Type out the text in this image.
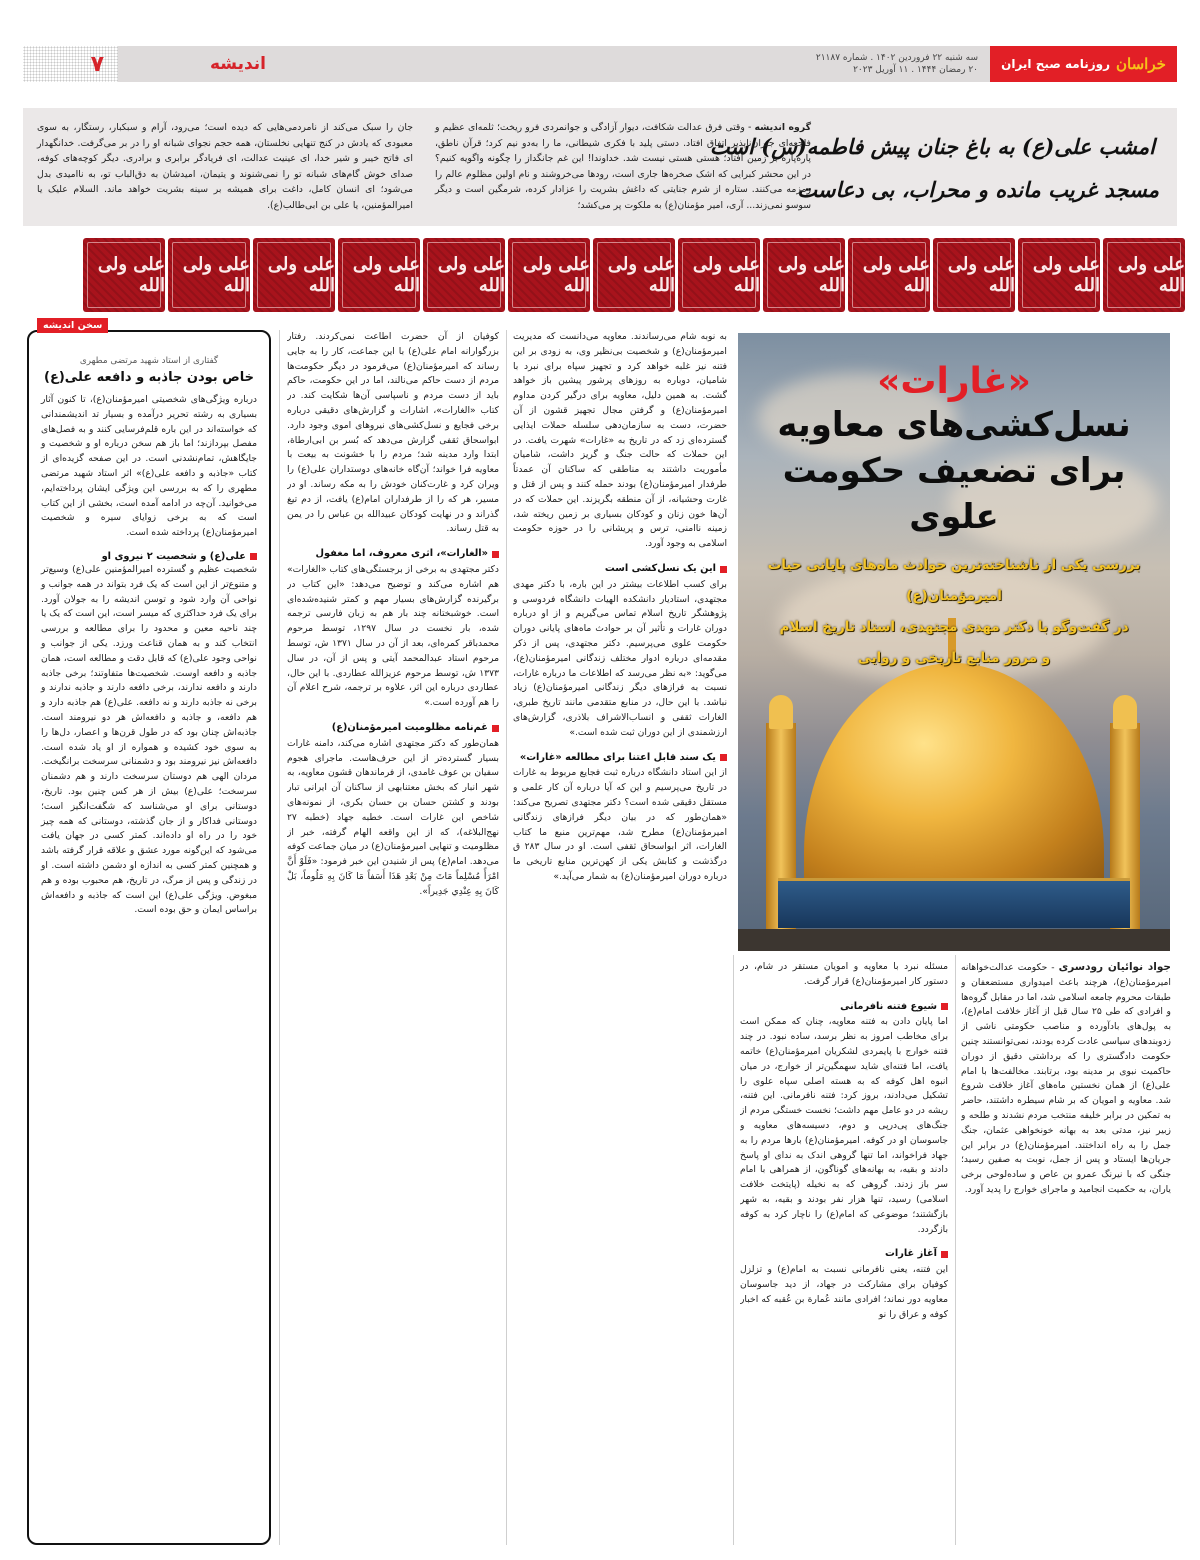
خراسان
روزنامه صبح ایران
سه شنبه ۲۲ فروردین ۱۴۰۲ . شماره ۲۱۱۸۷
۲۰ رمضان ۱۴۴۴ . ۱۱ آوریل ۲۰۲۳
اندیشه
۷
امشب علی(ع) به باغ جنان پیش فاطمه(س) است
مسجد غریب مانده و محراب، بی دعاست
گروه اندیشه - وقتی فرق عدالت شکافت، دیوار آزادگی و جوانمردی فرو ریخت؛ ثلمه‌ای عظیم و فاجعه‌ای جبران‌ناپذیر اتفاق افتاد. دستی پلید با فکری شیطانی، ما را به‌دو نیم کرد؛ قرآن ناطق، پاره‌پاره بر زمین افتاد؛ هستی هستی نیست شد. خداوندا! این غم جانگداز را چگونه واگویه کنیم؟ در این محشر کبرایی که اشک صخره‌ها جاری است، رودها می‌خروشند و نام اولین مظلوم عالم را زمزمه می‌کنند. ستاره از شرم جنایتی که داغش بشریت را عزادار کرده، شرمگین است و دیگر سوسو نمی‌زند... آری، امیر مؤمنان(ع) به ملکوت پر می‌کشد؛
جان را سبک می‌کند از نامردمی‌هایی که دیده است؛ می‌رود، آرام و سبکبار، رستگار، به سوی معبودی که یادش در کنج تنهایی نخلستان، همه حجم نجوای شبانه او را در بر می‌گرفت. خدانگهدار ای فاتح خیبر و شیر خدا، ای عینیت عدالت، ای فریادگر برابری و برادری. دیگر کوچه‌های کوفه، صدای خوش گام‌های شبانه تو را نمی‌شنوند و یتیمان، امیدشان به دق‌الباب تو، به ناامیدی بدل می‌شود؛ ای انسان کامل، داغت برای همیشه بر سینه بشریت خواهد ماند. السلام علیک یا امیرالمؤمنین، یا علی بن ابی‌طالب(ع).
علی ولی الله
علی ولی الله
علی ولی الله
علی ولی الله
علی ولی الله
علی ولی الله
علی ولی الله
علی ولی الله
علی ولی الله
علی ولی الله
علی ولی الله
علی ولی الله
علی ولی الله
«غارات»
نسل‌کشی‌های معاویه
برای تضعیف حکومت علوی
بررسی یکی از ناشناخته‌ترین حوادث ماه‌های پایانی حیات امیرمؤمنان(ع)
در گفت‌وگو با دکتر مهدی مجتهدی، استاد تاریخ اسلام
و مرور منابع تاریخی و روایی
سخن اندیشه
گفتاری از استاد شهید مرتضی مطهری
خاص بودن جاذبه و دافعه علی(ع)

درباره ویژگی‌های شخصیتی امیرمؤمنان(ع)، تا کنون آثار بسیاری به رشته تحریر درآمده و بسیار تد اندیشمندانی که خواسته‌اند در این باره قلم‌فرسایی کنند و به فصل‌های مفصل بپردازند؛ اما باز هم سخن درباره او و شخصیت و جایگاهش، تمام‌نشدنی است. در این صفحه گزیده‌ای از کتاب «جاذبه و دافعه علی(ع)» اثر استاد شهید مرتضی مطهری را که به بررسی این ویژگی ایشان پرداخته‌ایم، می‌خوانید. آن‌چه در ادامه آمده است، بخشی از این کتاب است که به برخی زوایای سیره و شخصیت امیرمؤمنان(ع) پرداخته شده است.

علی(ع) و شخصیت ۲ نیروی او

شخصیت عظیم و گسترده امیرالمؤمنین علی(ع) وسیع‌تر و متنوع‌تر از این است که یک فرد بتواند در همه جوانب و نواحی آن وارد شود و توسن اندیشه را به جولان آورد. برای یک فرد حداکثری که میسر است، این است که یک یا چند ناحیه معین و محدود را برای مطالعه و بررسی انتخاب کند و به همان قناعت ورزد. یکی از جوانب و نواحی وجود علی(ع) که قابل دقت و مطالعه است، همان جاذبه و دافعه اوست. شخصیت‌ها متفاوتند؛ برخی جاذبه دارند و دافعه ندارند، برخی دافعه دارند و جاذبه ندارند و برخی نه جاذبه دارند و نه دافعه. علی(ع) هم جاذبه دارد و هم دافعه، و جاذبه و دافعه‌اش هر دو نیرومند است. جاذبه‌اش چنان بود که در طول قرن‌ها و اعصار، دل‌ها را به سوی خود کشیده و همواره از او یاد شده است. دافعه‌اش نیز نیرومند بود و دشمنانی سرسخت برانگیخت. مردان الهی هم دوستان سرسخت دارند و هم دشمنان سرسخت؛ علی(ع) بیش از هر کس چنین بود. تاریخ، دوستانی برای او می‌شناسد که شگفت‌انگیز است؛ دوستانی فداکار و از جان گذشته، دوستانی که همه چیز خود را در راه او داده‌اند. کمتر کسی در جهان یافت می‌شود که این‌گونه مورد عشق و علاقه قرار گرفته باشد و همچنین کمتر کسی به اندازه او دشمن داشته است. او در زندگی و پس از مرگ، در تاریخ، هم محبوب بوده و هم مبغوض. ویژگی علی(ع) این است که جاذبه و دافعه‌اش براساس ایمان و حق بوده است.

کوفیان از آن حضرت اطاعت نمی‌کردند. رفتار بزرگوارانه امام علی(ع) با این جماعت، کار را به جایی رساند که امیرمؤمنان(ع) می‌فرمود در دیگر حکومت‌ها مردم از دست حاکم می‌نالند، اما در این حکومت، حاکم باید از دست مردم و ناسپاسی آن‌ها شکایت کند. در کتاب «الغارات»، اشارات و گزارش‌های دقیقی درباره برخی فجایع و نسل‌کشی‌های نیروهای اموی وجود دارد. ابواسحاق ثقفی گزارش می‌دهد که بُسر بن ابی‌ارطاة، ابتدا وارد مدینه شد؛ مردم را با خشونت به بیعت با معاویه فرا خواند؛ آن‌گاه خانه‌های دوستداران علی(ع) را ویران کرد و غارت‌کنان خودش را به مکه رساند. او در مسیر، هر که را از طرفداران امام(ع) یافت، از دم تیغ گذراند و در نهایت کودکان عبیدالله بن عباس را در یمن به قتل رساند.

«الغارات»، اثری معروف، اما مغفول

دکتر مجتهدی به برخی از برجستگی‌های کتاب «الغارات» هم اشاره می‌کند و توضیح می‌دهد: «این کتاب در برگیرنده گزارش‌های بسیار مهم و کمتر شنیده‌شده‌ای است. خوشبختانه چند بار هم به زبان فارسی ترجمه شده، بار نخست در سال ۱۲۹۷، توسط مرحوم محمدباقر کمره‌ای، بعد از آن در سال ۱۳۷۱ ش، توسط مرحوم استاد عبدالمحمد آیتی و پس از آن، در سال ۱۳۷۳ ش، توسط مرحوم عزیزالله عطاردی. با این حال، عطاردی درباره این اثر، علاوه بر ترجمه، شرح اعلام آن را هم آورده است.»

غم‌نامه مظلومیت امیرمؤمنان(ع)

همان‌طور که دکتر مجتهدی اشاره می‌کند، دامنه غارات بسیار گسترده‌تر از این حرف‌هاست. ماجرای هجوم سفیان بن عوف غامدی، از فرماندهان قشون معاویه، به شهر انبار که بخش معتنابهی از ساکنان آن ایرانی تبار بودند و کشتن حسان بن حسان بکری، از نمونه‌های شاخص این غارات است. خطبه جهاد (خطبه ۲۷ نهج‌البلاغه)، که از این واقعه الهام گرفته، خبر از مظلومیت و تنهایی امیرمؤمنان(ع) در میان جماعت کوفه می‌دهد. امام(ع) پس از شنیدن این خبر فرمود: «فَلَوْ أَنَّ امْرَأً مُسْلِماً مَاتَ مِنْ بَعْدِ هَذَا أَسَفاً مَا كَانَ بِهِ مَلُوماً، بَلْ كَانَ بِهِ عِنْدِي جَدِيراً».

به نوبه شام می‌رساندند. معاویه می‌دانست که مدیریت امیرمؤمنان(ع) و شخصیت بی‌نظیر وی، به زودی بر این فتنه نیز غلبه خواهد کرد و تجهیز سپاه برای نبرد با شامیان، دوباره به روزهای پرشور پیشین باز خواهد گشت. به همین دلیل، معاویه برای درگیر کردن مداوم امیرمؤمنان(ع) و گرفتن مجال تجهیز قشون از آن حضرت، دست به سازمان‌دهی سلسله حملات ایذایی گسترده‌ای زد که در تاریخ به «غارات» شهرت یافت. در این حملات که حالت جنگ و گریز داشت، شامیان مأموریت داشتند به مناطقی که ساکنان آن عمدتاً طرفدار امیرمؤمنان(ع) بودند حمله کنند و پس از قتل و غارت وحشیانه، از آن منطقه بگریزند. این حملات که در آن‌ها خون زنان و کودکان بسیاری بر زمین ریخته شد، زمینه ناامنی، ترس و پریشانی را در حوزه حکومت اسلامی به وجود آورد.

این یک نسل‌کشی است

برای کسب اطلاعات بیشتر در این باره، با دکتر مهدی مجتهدی، استادیار دانشکده الهیات دانشگاه فردوسی و پژوهشگر تاریخ اسلام تماس می‌گیریم و از او درباره دوران غارات و تأثیر آن بر حوادث ماه‌های پایانی دوران حکومت علوی می‌پرسیم. دکتر مجتهدی، پس از ذکر مقدمه‌ای درباره ادوار مختلف زندگانی امیرمؤمنان(ع)، می‌گوید: «به نظر می‌رسد که اطلاعات ما درباره غارات، نسبت به فرازهای دیگر زندگانی امیرمؤمنان(ع) زیاد نباشد. با این حال، در منابع متقدمی مانند تاریخ طبری، الغارات ثقفی و انساب‌الاشراف بلاذری، گزارش‌های ارزشمندی از این دوران ثبت شده است.»

یک سند قابل اعتنا برای مطالعه «غارات»

از این استاد دانشگاه درباره ثبت فجایع مربوط به غارات در تاریخ می‌پرسیم و این که آیا درباره آن کار علمی و مستقل دقیقی شده است؟ دکتر مجتهدی تصریح می‌کند: «همان‌طور که در بیان دیگر فرازهای زندگانی امیرمؤمنان(ع) مطرح شد، مهم‌ترین منبع ما کتاب الغارات، اثر ابواسحاق ثقفی است. او در سال ۲۸۳ ق درگذشت و کتابش یکی از کهن‌ترین منابع تاریخی ما درباره دوران امیرمؤمنان(ع) به شمار می‌آید.»

جواد نوائیان رودسری - حکومت عدالت‌خواهانه امیرمؤمنان(ع)، هرچند باعث امیدواری مستضعفان و طبقات محروم جامعه اسلامی شد، اما در مقابل گروه‌ها و افرادی که طی ۲۵ سال قبل از آغاز خلافت امام(ع)، به پول‌های بادآورده و مناصب حکومتی ناشی از زدوبندهای سیاسی عادت کرده بودند، نمی‌توانستند چنین حکومت دادگستری را که برداشتی دقیق از دوران حاکمیت نبوی بر مدینه بود، برتابند. مخالفت‌ها با امام علی(ع) از همان نخستین ماه‌های آغاز خلافت شروع شد. معاویه و امویان که بر شام سیطره داشتند، حاضر به تمکین در برابر خلیفه منتخب مردم نشدند و طلحه و زبیر نیز، مدتی بعد به بهانه خونخواهی عثمان، جنگ جمل را به راه انداختند. امیرمؤمنان(ع) در برابر این جریان‌ها ایستاد و پس از جمل، نوبت به صفین رسید؛ جنگی که با نیرنگ عمرو بن عاص و ساده‌لوحی برخی یاران، به حکمیت انجامید و ماجرای خوارج را پدید آورد.

مسئله نبرد با معاویه و امویان مستقر در شام، در دستور کار امیرمؤمنان(ع) قرار گرفت.

شیوع فتنه نافرمانی

اما پایان دادن به فتنه معاویه، چنان که ممکن است برای مخاطب امروز به نظر برسد، ساده نبود. در چند فتنه خوارج با پایمردی لشکریان امیرمؤمنان(ع) خاتمه یافت، اما فتنه‌ای شاید سهمگین‌تر از خوارج، در میان انبوه اهل کوفه که به هسته اصلی سپاه علوی را تشکیل می‌دادند، بروز کرد: فتنه نافرمانی. این فتنه، ریشه در دو عامل مهم داشت؛ نخست خستگی مردم از جنگ‌های پی‌درپی و دوم، دسیسه‌های معاویه و جاسوسان او در کوفه. امیرمؤمنان(ع) بارها مردم را به جهاد فراخواند، اما تنها گروهی اندک به ندای او پاسخ دادند و بقیه، به بهانه‌های گوناگون، از همراهی با امام سر باز زدند. گروهی که به نخیله (پایتخت خلافت اسلامی) رسید، تنها هزار نفر بودند و بقیه، به شهر بازگشتند؛ موضوعی که امام(ع) را ناچار کرد به کوفه بازگردد.

آغاز غارات

این فتنه، یعنی نافرمانی نسبت به امام(ع) و تزلزل کوفیان برای مشارکت در جهاد، از دید جاسوسان معاویه دور نماند؛ افرادی مانند عُمارة بن عُقبه که اخبار کوفه و عراق را نو
